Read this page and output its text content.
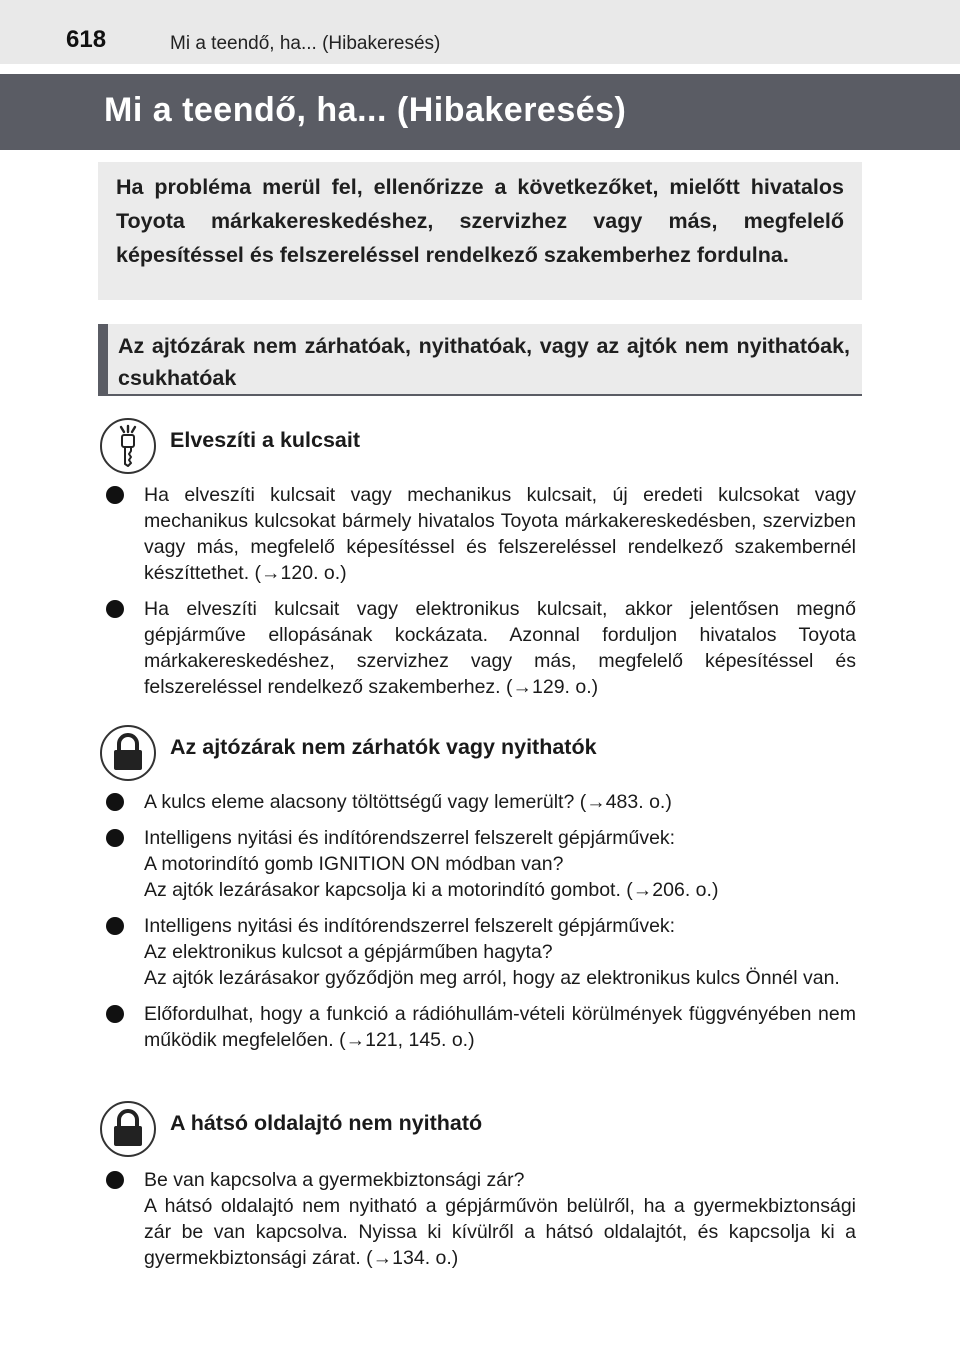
618	Mi a teendő, ha... (Hibakeresés)
Mi a teendő, ha... (Hibakeresés)

Ha probléma merül fel, ellenőrizze a következőket, mielőtt hivatalos Toyota márkakereskedéshez, szervizhez vagy más, megfelelő képesítéssel és felszereléssel rendelkező szakemberhez fordulna.

Az ajtózárak nem zárhatóak, nyithatóak, vagy az ajtók nem nyithatóak, csukhatóak

Elveszíti a kulcsait
Ha elveszíti kulcsait vagy mechanikus kulcsait, új eredeti kulcsokat vagy mechanikus kulcsokat bármely hivatalos Toyota márkakereskedésben, szervizben vagy más, megfelelő képesítéssel és felszereléssel rendelkező szakembernél készíttethet. (→120. o.)
Ha elveszíti kulcsait vagy elektronikus kulcsait, akkor jelentősen megnő gépjárműve ellopásának kockázata. Azonnal forduljon hivatalos Toyota márkakereskedéshez, szervizhez vagy más, megfelelő képesítéssel és felszereléssel rendelkező szakemberhez. (→129. o.)
Az ajtózárak nem zárhatók vagy nyithatók
A kulcs eleme alacsony töltöttségű vagy lemerült? (→483. o.)
Intelligens nyitási és indítórendszerrel felszerelt gépjárművek:
A motorindító gomb IGNITION ON módban van?
Az ajtók lezárásakor kapcsolja ki a motorindító gombot. (→206. o.)
Intelligens nyitási és indítórendszerrel felszerelt gépjárművek:
Az elektronikus kulcsot a gépjárműben hagyta?
Az ajtók lezárásakor győződjön meg arról, hogy az elektronikus kulcs Önnél van.
Előfordulhat, hogy a funkció a rádióhullám-vételi körülmények függvényében nem működik megfelelően. (→121, 145. o.)
A hátsó oldalajtó nem nyitható
Be van kapcsolva a gyermekbiztonsági zár?
A hátsó oldalajtó nem nyitható a gépjárművön belülről, ha a gyermekbiztonsági zár be van kapcsolva. Nyissa ki kívülről a hátsó oldalajtót, és kapcsolja ki a gyermekbiztonsági zárat. (→134. o.)
